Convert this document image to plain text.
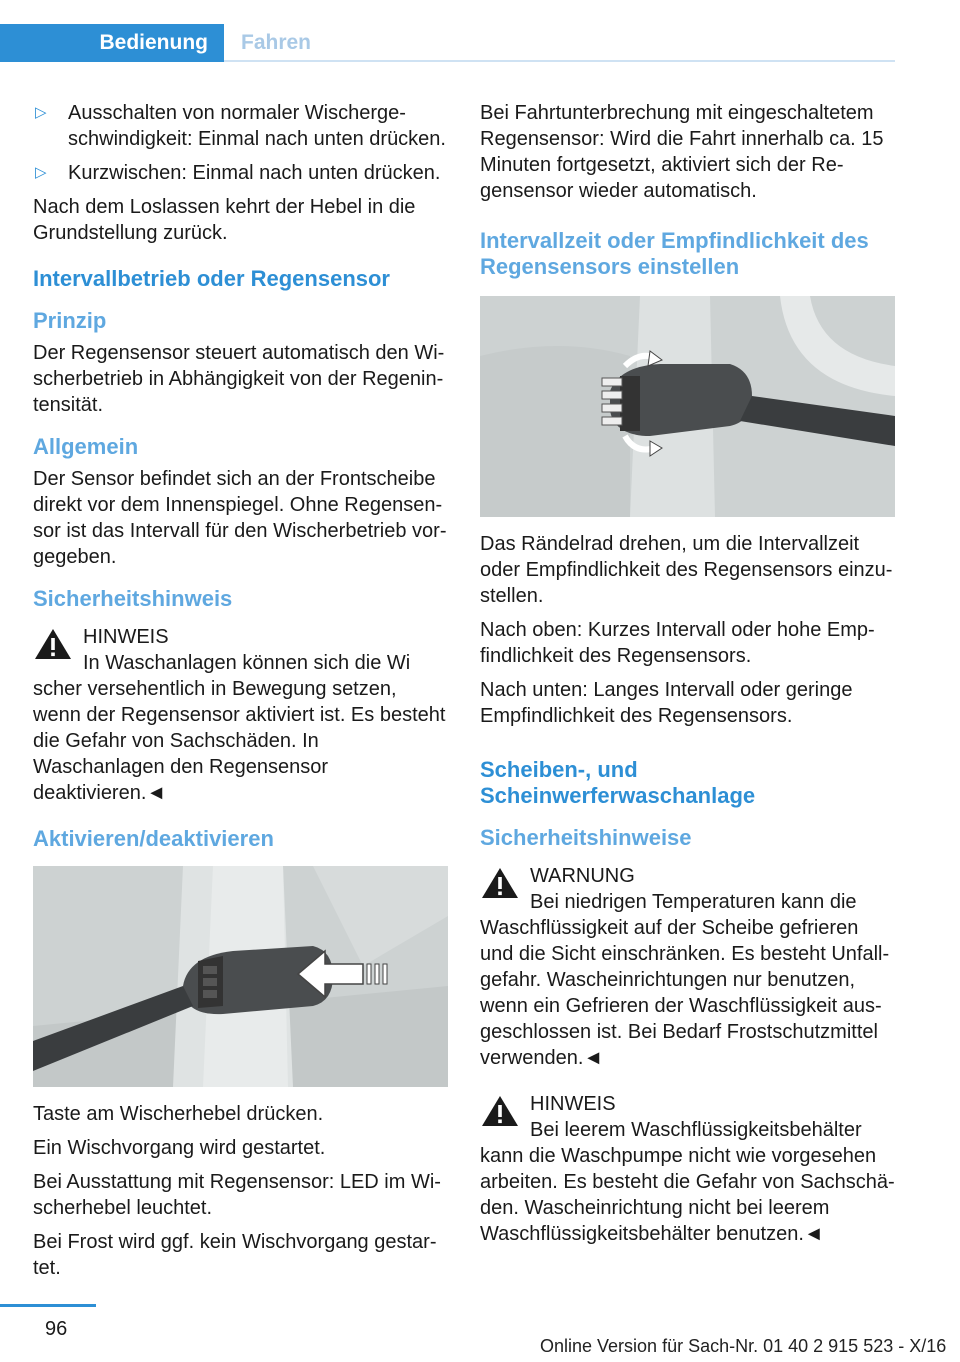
Bedienung	Fahren
▷	Ausschalten von normaler Wischergeschwindigkeit: Einmal nach unten drücken.
▷	Kurzwischen: Einmal nach unten drücken.

Nach dem Loslassen kehrt der Hebel in die Grundstellung zurück.

Intervallbetrieb oder Regensensor
Prinzip

Der Regensensor steuert automatisch den Wischerbetrieb in Abhängigkeit von der Regenintensität.

Allgemein

Der Sensor befindet sich an der Frontscheibe direkt vor dem Innenspiegel. Ohne Regensensor ist das Intervall für den Wischerbetrieb vorgegeben.

Sicherheitshinweis
HINWEIS
In Waschanlagen können sich die Wi
scher versehentlich in Bewegung setzen, wenn der Regensensor aktiviert ist. Es besteht die Gefahr von Sachschäden. In Waschanlagen den Regensensor deaktivieren.◄
Aktivieren/deaktivieren

Taste am Wischerhebel drücken.

Ein Wischvorgang wird gestartet.

Bei Ausstattung mit Regensensor: LED im Wischerhebel leuchtet.

Bei Frost wird ggf. kein Wischvorgang gestartet.

Bei Fahrtunterbrechung mit eingeschaltetem Regensensor: Wird die Fahrt innerhalb ca. 15 Minuten fortgesetzt, aktiviert sich der Regensensor wieder automatisch.

Intervallzeit oder Empfindlichkeit des Regensensors einstellen

Das Rändelrad drehen, um die Intervallzeit oder Empfindlichkeit des Regensensors einzustellen.

Nach oben: Kurzes Intervall oder hohe Empfindlichkeit des Regensensors.

Nach unten: Langes Intervall oder geringe Empfindlichkeit des Regensensors.

Scheiben-, und Scheinwerferwaschanlage
Sicherheitshinweise
WARNUNG
Bei niedrigen Temperaturen kann die
Waschflüssigkeit auf der Scheibe gefrieren und die Sicht einschränken. Es besteht Unfallgefahr. Wascheinrichtungen nur benutzen, wenn ein Gefrieren der Waschflüssigkeit ausgeschlossen ist. Bei Bedarf Frostschutzmittel verwenden.◄
HINWEIS
Bei leerem Waschflüssigkeitsbehälter
kann die Waschpumpe nicht wie vorgesehen arbeiten. Es besteht die Gefahr von Sachschäden. Wascheinrichtung nicht bei leerem Waschflüssigkeitsbehälter benutzen.◄
96
Online Version für Sach-Nr. 01 40 2 915 523 - X/16
